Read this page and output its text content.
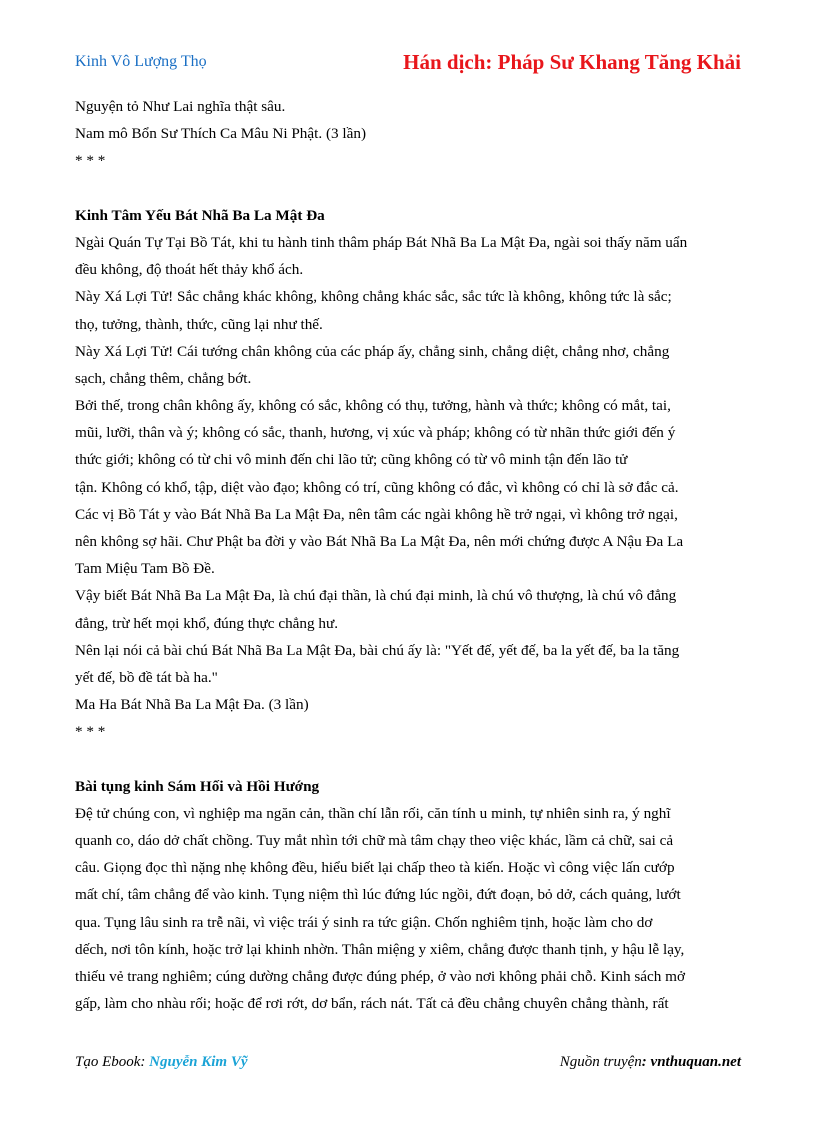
Kinh Vô Lượng Thọ	Hán dịch: Pháp Sư Khang Tăng Khải
Nguyện tỏ Như Lai nghĩa thật sâu.
Nam mô Bổn Sư Thích Ca Mâu Ni Phật. (3 lần)
* * *
Kinh Tâm Yếu Bát Nhã Ba La Mật Đa
Ngài Quán Tự Tại Bồ Tát, khi tu hành tinh thâm pháp Bát Nhã Ba La Mật Đa, ngài soi thấy năm uẩn
đều không, độ thoát hết thảy khổ ách.
Này Xá Lợi Tử! Sắc chẳng khác không, không chẳng khác sắc, sắc tức là không, không tức là sắc;
thọ, tưởng, thành, thức, cũng lại như thế.
Này Xá Lợi Tử! Cái tướng chân không của các pháp ấy, chẳng sinh, chẳng diệt, chẳng nhơ, chẳng
sạch, chẳng thêm, chẳng bớt.
Bởi thế, trong chân không ấy, không có sắc, không có thụ, tưởng, hành và thức; không có mắt, tai,
mũi, lưỡi, thân và ý; không có sắc, thanh, hương, vị xúc và pháp; không có từ nhãn thức giới đến ý
thức giới; không có từ chi vô minh đến chi lão tử; cũng không có từ vô minh tận đến lão tử
tận. Không có khổ, tập, diệt vào đạo; không có trí, cũng không có đắc, vì không có chỉ là sở đắc cả.
Các vị Bồ Tát y vào Bát Nhã Ba La Mật Đa, nên tâm các ngài không hề trở ngại, vì không trở ngại,
nên không sợ hãi. Chư Phật ba đời y vào Bát Nhã Ba La Mật Đa, nên mới chứng được A Nậu Đa La
Tam Miệu Tam Bồ Đề.
Vậy biết Bát Nhã Ba La Mật Đa, là chú đại thần, là chú đại minh, là chú vô thượng, là chú vô đẳng
đẳng, trừ hết mọi khổ, đúng thực chẳng hư.
Nên lại nói cả bài chú Bát Nhã Ba La Mật Đa, bài chú ấy là: "Yết đế, yết đế, ba la yết đế, ba la tăng
yết đế, bồ đề tát bà ha."
Ma Ha Bát Nhã Ba La Mật Đa. (3 lần)
* * *
Bài tụng kinh Sám Hối và Hồi Hướng
Đệ tử chúng con, vì nghiệp ma ngăn cản, thần chí lẫn rối, căn tính u minh, tự nhiên sinh ra, ý nghĩ
quanh co, dáo dở chất chồng. Tuy mắt nhìn tới chữ mà tâm chạy theo việc khác, lầm cả chữ, sai cả
câu. Giọng đọc thì nặng nhẹ không đều, hiểu biết lại chấp theo tà kiến. Hoặc vì công việc lấn cướp
mất chí, tâm chẳng để vào kinh. Tụng niệm thì lúc đứng lúc ngồi, đứt đoạn, bỏ dở, cách quảng, lướt
qua. Tụng lâu sinh ra trễ nãi, vì việc trái ý sinh ra tức giận. Chốn nghiêm tịnh, hoặc làm cho dơ
dếch, nơi tôn kính, hoặc trở lại khinh nhờn. Thân miệng y xiêm, chẳng được thanh tịnh, y hậu lễ lạy,
thiếu vẻ trang nghiêm; cúng dường chẳng được đúng phép, ở vào nơi không phải chỗ. Kinh sách mở
gấp, làm cho nhàu rối; hoặc để rơi rớt, dơ bẩn, rách nát. Tất cả đều chẳng chuyên chẳng thành, rất
Tạo Ebook: Nguyễn Kim Vỹ	Nguồn truyện: vnthuquan.net
